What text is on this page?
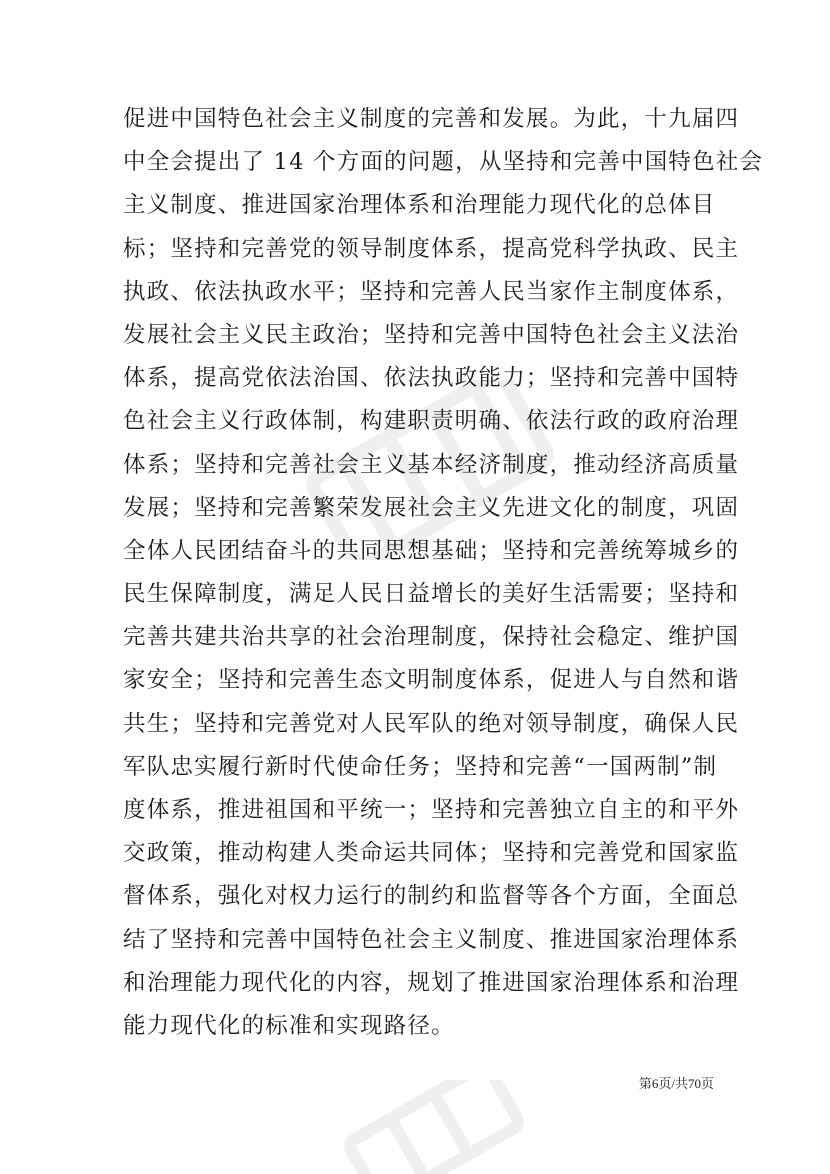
促进中国特色社会主义制度的完善和发展。为此，十九届四
中全会提出了 14 个方面的问题，从坚持和完善中国特色社会
主义制度、推进国家治理体系和治理能力现代化的总体目
标；坚持和完善党的领导制度体系，提高党科学执政、民主
执政、依法执政水平；坚持和完善人民当家作主制度体系，
发展社会主义民主政治；坚持和完善中国特色社会主义法治
体系，提高党依法治国、依法执政能力；坚持和完善中国特
色社会主义行政体制，构建职责明确、依法行政的政府治理
体系；坚持和完善社会主义基本经济制度，推动经济高质量
发展；坚持和完善繁荣发展社会主义先进文化的制度，巩固
全体人民团结奋斗的共同思想基础；坚持和完善统筹城乡的
民生保障制度，满足人民日益增长的美好生活需要；坚持和
完善共建共治共享的社会治理制度，保持社会稳定、维护国
家安全；坚持和完善生态文明制度体系，促进人与自然和谐
共生；坚持和完善党对人民军队的绝对领导制度，确保人民
军队忠实履行新时代使命任务；坚持和完善“一国两制”制
度体系，推进祖国和平统一；坚持和完善独立自主的和平外
交政策，推动构建人类命运共同体；坚持和完善党和国家监
督体系，强化对权力运行的制约和监督等各个方面，全面总
结了坚持和完善中国特色社会主义制度、推进国家治理体系
和治理能力现代化的内容，规划了推进国家治理体系和治理
能力现代化的标准和实现路径。
第6页/共70页
